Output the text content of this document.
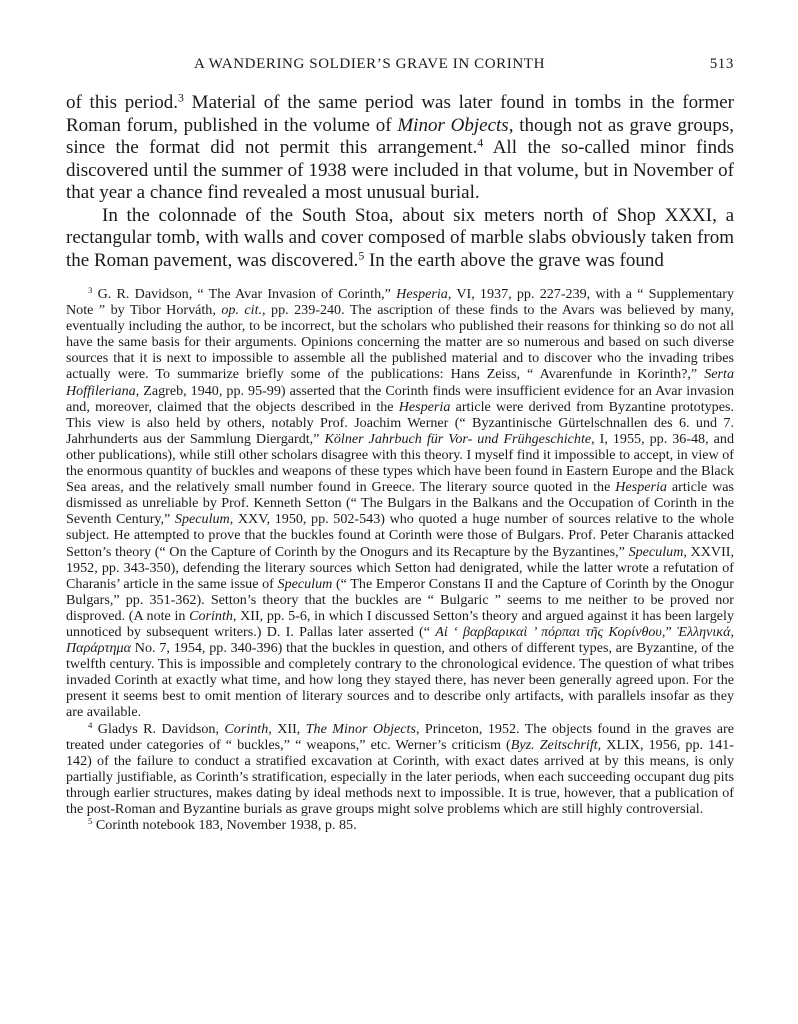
A WANDERING SOLDIER’S GRAVE IN CORINTH	513

of this period.$^3$ Material of the same period was later found in tombs in the former Roman forum, published in the volume of Minor Objects, though not as grave groups, since the format did not permit this arrangement.$^4$ All the so-called minor finds discovered until the summer of 1938 were included in that volume, but in November of that year a chance find revealed a most unusual burial.

In the colonnade of the South Stoa, about six meters north of Shop XXXI, a rectangular tomb, with walls and cover composed of marble slabs obviously taken from the Roman pavement, was discovered.$^5$ In the earth above the grave was found

$^3$ G. R. Davidson, “ The Avar Invasion of Corinth,” Hesperia, VI, 1937, pp. 227-239, with a “ Supplementary Note ” by Tibor Horváth, op. cit., pp. 239-240. The ascription of these finds to the Avars was believed by many, eventually including the author, to be incorrect, but the scholars who published their reasons for thinking so do not all have the same basis for their arguments. Opinions concerning the matter are so numerous and based on such diverse sources that it is next to impossible to assemble all the published material and to discover who the invading tribes actually were. To summarize briefly some of the publications: Hans Zeiss, “ Avarenfunde in Korinth?,” Serta Hoffileriana, Zagreb, 1940, pp. 95-99) asserted that the Corinth finds were insufficient evidence for an Avar invasion and, moreover, claimed that the objects described in the Hesperia article were derived from Byzantine prototypes. This view is also held by others, notably Prof. Joachim Werner (“ Byzantinische Gürtelschnallen des 6. und 7. Jahrhunderts aus der Sammlung Diergardt,” Kölner Jahrbuch für Vor- und Frühgeschichte, I, 1955, pp. 36-48, and other publications), while still other scholars disagree with this theory. I myself find it impossible to accept, in view of the enormous quantity of buckles and weapons of these types which have been found in Eastern Europe and the Black Sea areas, and the relatively small number found in Greece. The literary source quoted in the Hesperia article was dismissed as unreliable by Prof. Kenneth Setton (“ The Bulgars in the Balkans and the Occupation of Corinth in the Seventh Century,” Speculum, XXV, 1950, pp. 502-543) who quoted a huge number of sources relative to the whole subject. He attempted to prove that the buckles found at Corinth were those of Bulgars. Prof. Peter Charanis attacked Setton’s theory (“ On the Capture of Corinth by the Onogurs and its Recapture by the Byzantines,” Speculum, XXVII, 1952, pp. 343-350), defending the literary sources which Setton had denigrated, while the latter wrote a refutation of Charanis’ article in the same issue of Speculum (“ The Emperor Constans II and the Capture of Corinth by the Onogur Bulgars,” pp. 351-362). Setton’s theory that the buckles are “ Bulgaric ” seems to me neither to be proved nor disproved. (A note in Corinth, XII, pp. 5-6, in which I discussed Setton’s theory and argued against it has been largely unnoticed by subsequent writers.) D. I. Pallas later asserted (“ Αἱ ‘ βαρβαρικαὶ ’ πόρπαι τῆς Κορίνθου,” Ἑλληνικά, Παράρτημα No. 7, 1954, pp. 340-396) that the buckles in question, and others of different types, are Byzantine, of the twelfth century. This is impossible and completely contrary to the chronological evidence. The question of what tribes invaded Corinth at exactly what time, and how long they stayed there, has never been generally agreed upon. For the present it seems best to omit mention of literary sources and to describe only artifacts, with parallels insofar as they are available.

$^4$ Gladys R. Davidson, Corinth, XII, The Minor Objects, Princeton, 1952. The objects found in the graves are treated under categories of “ buckles,” “ weapons,” etc. Werner’s criticism (Byz. Zeitschrift, XLIX, 1956, pp. 141-142) of the failure to conduct a stratified excavation at Corinth, with exact dates arrived at by this means, is only partially justifiable, as Corinth’s stratification, especially in the later periods, when each succeeding occupant dug pits through earlier structures, makes dating by ideal methods next to impossible. It is true, however, that a publication of the post-Roman and Byzantine burials as grave groups might solve problems which are still highly controversial.

$^5$ Corinth notebook 183, November 1938, p. 85.
